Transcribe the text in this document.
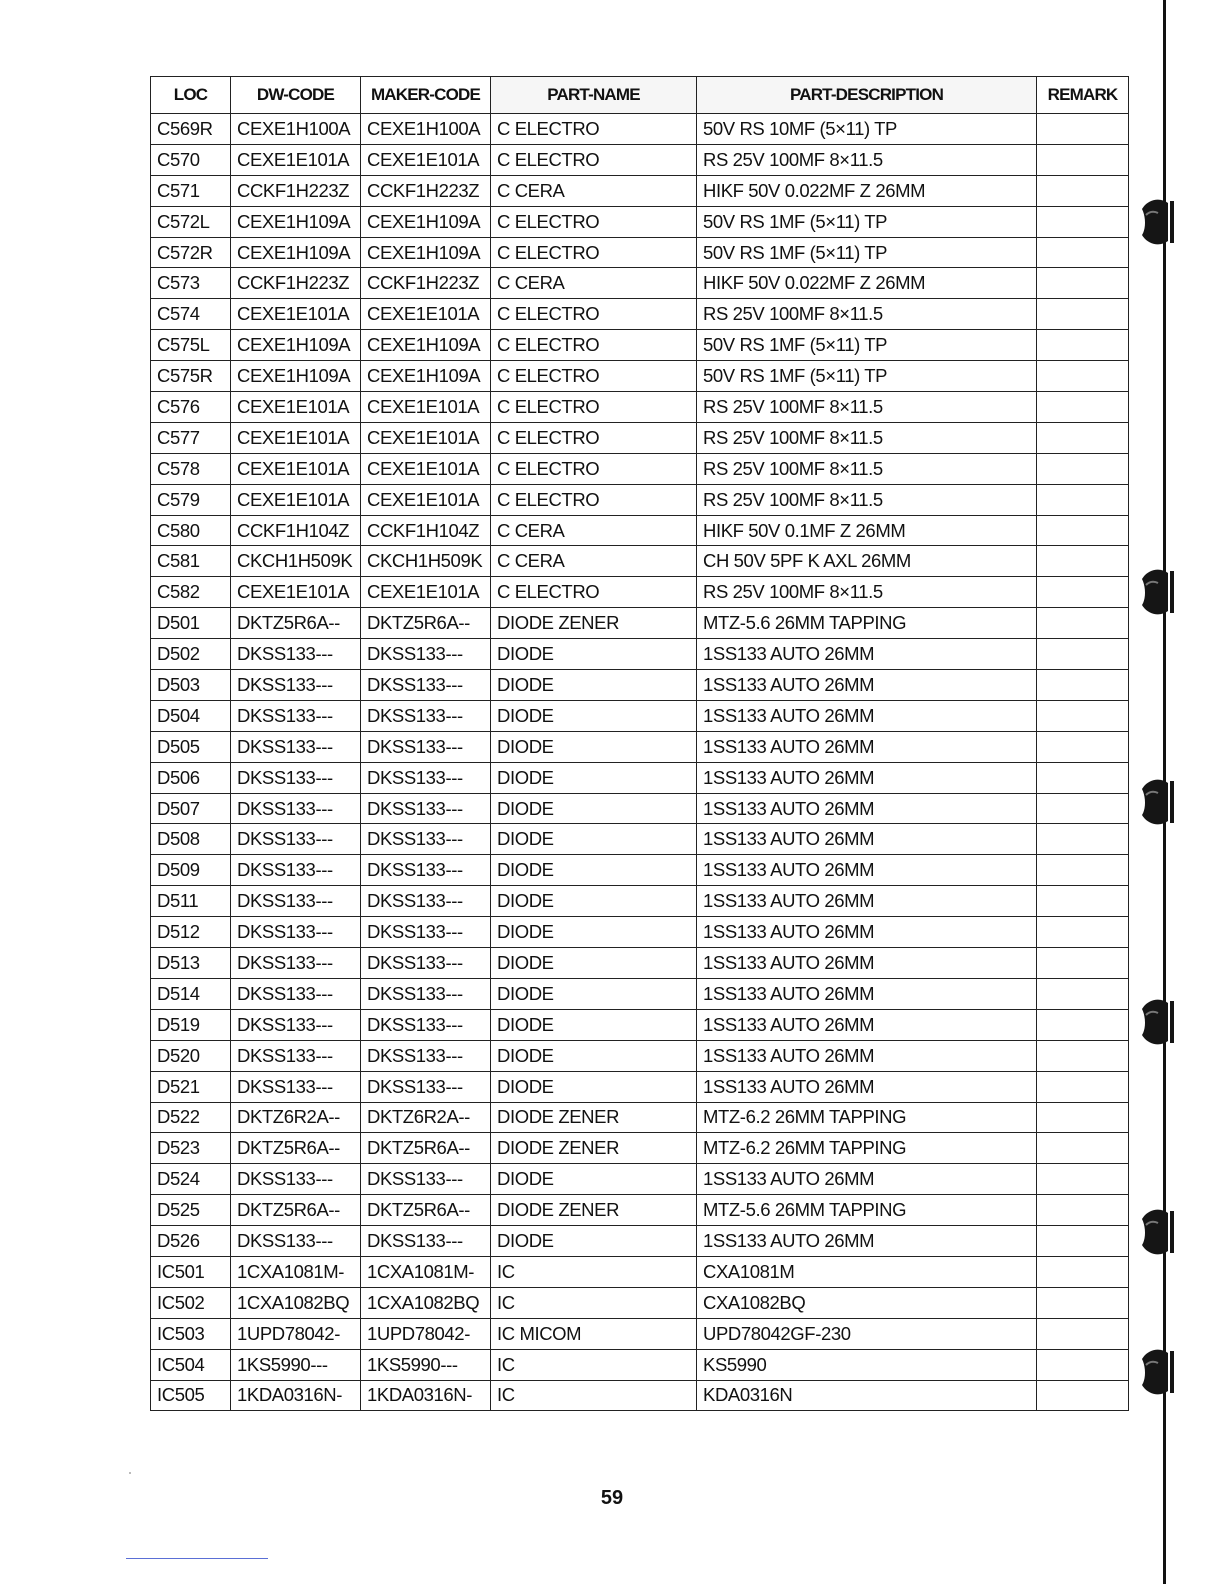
LOC	DW-CODE	MAKER-CODE	PART-NAME	PART-DESCRIPTION	REMARK
C569R	CEXE1H100A	CEXE1H100A	C ELECTRO	50V RS 10MF (5×11) TP	
C570	CEXE1E101A	CEXE1E101A	C ELECTRO	RS 25V 100MF 8×11.5	
C571	CCKF1H223Z	CCKF1H223Z	C CERA	HIKF 50V 0.022MF Z 26MM	
C572L	CEXE1H109A	CEXE1H109A	C ELECTRO	50V RS 1MF (5×11) TP	
C572R	CEXE1H109A	CEXE1H109A	C ELECTRO	50V RS 1MF (5×11) TP	
C573	CCKF1H223Z	CCKF1H223Z	C CERA	HIKF 50V 0.022MF Z 26MM	
C574	CEXE1E101A	CEXE1E101A	C ELECTRO	RS 25V 100MF 8×11.5	
C575L	CEXE1H109A	CEXE1H109A	C ELECTRO	50V RS 1MF (5×11) TP	
C575R	CEXE1H109A	CEXE1H109A	C ELECTRO	50V RS 1MF (5×11) TP	
C576	CEXE1E101A	CEXE1E101A	C ELECTRO	RS 25V 100MF 8×11.5	
C577	CEXE1E101A	CEXE1E101A	C ELECTRO	RS 25V 100MF 8×11.5	
C578	CEXE1E101A	CEXE1E101A	C ELECTRO	RS 25V 100MF 8×11.5	
C579	CEXE1E101A	CEXE1E101A	C ELECTRO	RS 25V 100MF 8×11.5	
C580	CCKF1H104Z	CCKF1H104Z	C CERA	HIKF 50V 0.1MF Z 26MM	
C581	CKCH1H509K	CKCH1H509K	C CERA	CH 50V 5PF K AXL 26MM	
C582	CEXE1E101A	CEXE1E101A	C ELECTRO	RS 25V 100MF 8×11.5	
D501	DKTZ5R6A--	DKTZ5R6A--	DIODE ZENER	MTZ-5.6 26MM TAPPING	
D502	DKSS133---	DKSS133---	DIODE	1SS133 AUTO 26MM	
D503	DKSS133---	DKSS133---	DIODE	1SS133 AUTO 26MM	
D504	DKSS133---	DKSS133---	DIODE	1SS133 AUTO 26MM	
D505	DKSS133---	DKSS133---	DIODE	1SS133 AUTO 26MM	
D506	DKSS133---	DKSS133---	DIODE	1SS133 AUTO 26MM	
D507	DKSS133---	DKSS133---	DIODE	1SS133 AUTO 26MM	
D508	DKSS133---	DKSS133---	DIODE	1SS133 AUTO 26MM	
D509	DKSS133---	DKSS133---	DIODE	1SS133 AUTO 26MM	
D511	DKSS133---	DKSS133---	DIODE	1SS133 AUTO 26MM	
D512	DKSS133---	DKSS133---	DIODE	1SS133 AUTO 26MM	
D513	DKSS133---	DKSS133---	DIODE	1SS133 AUTO 26MM	
D514	DKSS133---	DKSS133---	DIODE	1SS133 AUTO 26MM	
D519	DKSS133---	DKSS133---	DIODE	1SS133 AUTO 26MM	
D520	DKSS133---	DKSS133---	DIODE	1SS133 AUTO 26MM	
D521	DKSS133---	DKSS133---	DIODE	1SS133 AUTO 26MM	
D522	DKTZ6R2A--	DKTZ6R2A--	DIODE ZENER	MTZ-6.2 26MM TAPPING	
D523	DKTZ5R6A--	DKTZ5R6A--	DIODE ZENER	MTZ-6.2 26MM TAPPING	
D524	DKSS133---	DKSS133---	DIODE	1SS133 AUTO 26MM	
D525	DKTZ5R6A--	DKTZ5R6A--	DIODE ZENER	MTZ-5.6 26MM TAPPING	
D526	DKSS133---	DKSS133---	DIODE	1SS133 AUTO 26MM	
IC501	1CXA1081M-	1CXA1081M-	IC	CXA1081M	
IC502	1CXA1082BQ	1CXA1082BQ	IC	CXA1082BQ	
IC503	1UPD78042-	1UPD78042-	IC MICOM	UPD78042GF-230	
IC504	1KS5990---	1KS5990---	IC	KS5990	
IC505	1KDA0316N-	1KDA0316N-	IC	KDA0316N	
59
